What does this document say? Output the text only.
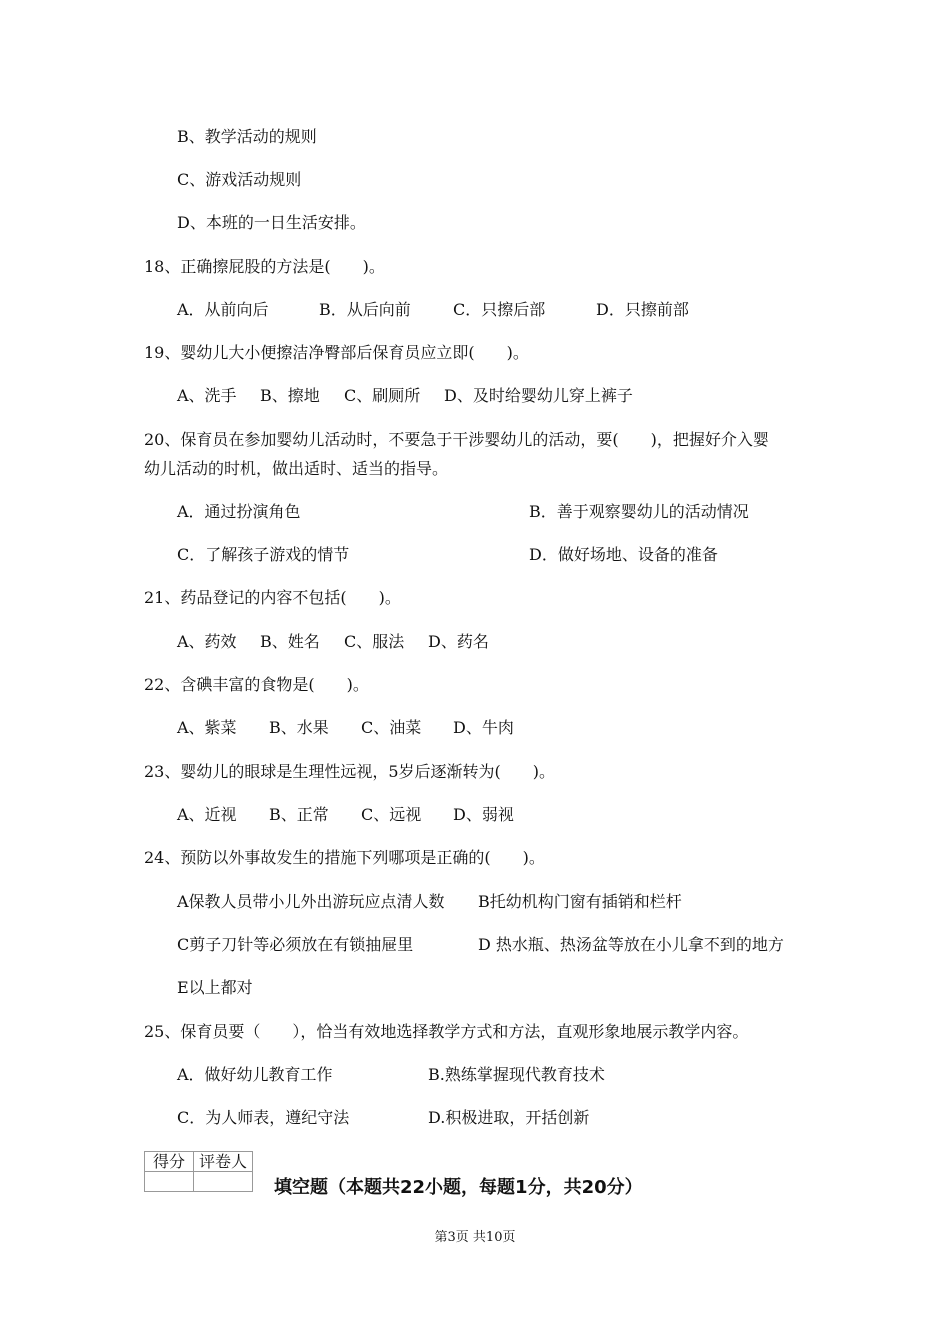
B、教学活动的规则
C、游戏活动规则
D、本班的一日生活安排。
18、正确擦屁股的方法是(　　)。
A．从前向后	B．从后向前	C．只擦后部	D．只擦前部
19、婴幼儿大小便擦洁净臀部后保育员应立即(　　)。
A、洗手 B、擦地 C、刷厕所 D、及时给婴幼儿穿上裤子
20、保育员在参加婴幼儿活动时，不要急于干涉婴幼儿的活动，要(　　)，把握好介入婴
幼儿活动的时机，做出适时、适当的指导。
A．通过扮演角色	B．善于观察婴幼儿的活动情况
C．了解孩子游戏的情节	D．做好场地、设备的准备
21、药品登记的内容不包括(　　)。
A、药效 B、姓名 C、服法 D、药名
22、含碘丰富的食物是(　　)。
A、紫菜 B、水果 C、油菜 D、牛肉
23、婴幼儿的眼球是生理性远视，5岁后逐渐转为(　　)。
A、近视 B、正常 C、远视 D、弱视
24、预防以外事故发生的措施下列哪项是正确的(　　)。
A保教人员带小儿外出游玩应点清人数 B托幼机构门窗有插销和栏杆
C剪子刀针等必须放在有锁抽屉里	D 热水瓶、热汤盆等放在小儿拿不到的地方
E以上都对
25、保育员要（　　），恰当有效地选择教学方式和方法，直观形象地展示教学内容。
A．做好幼儿教育工作	B.熟练掌握现代教育技术
C．为人师表，遵纪守法	D.积极进取，开括创新
得分	评卷人

填空题（本题共22小题，每题1分，共20分）
第3页 共10页
